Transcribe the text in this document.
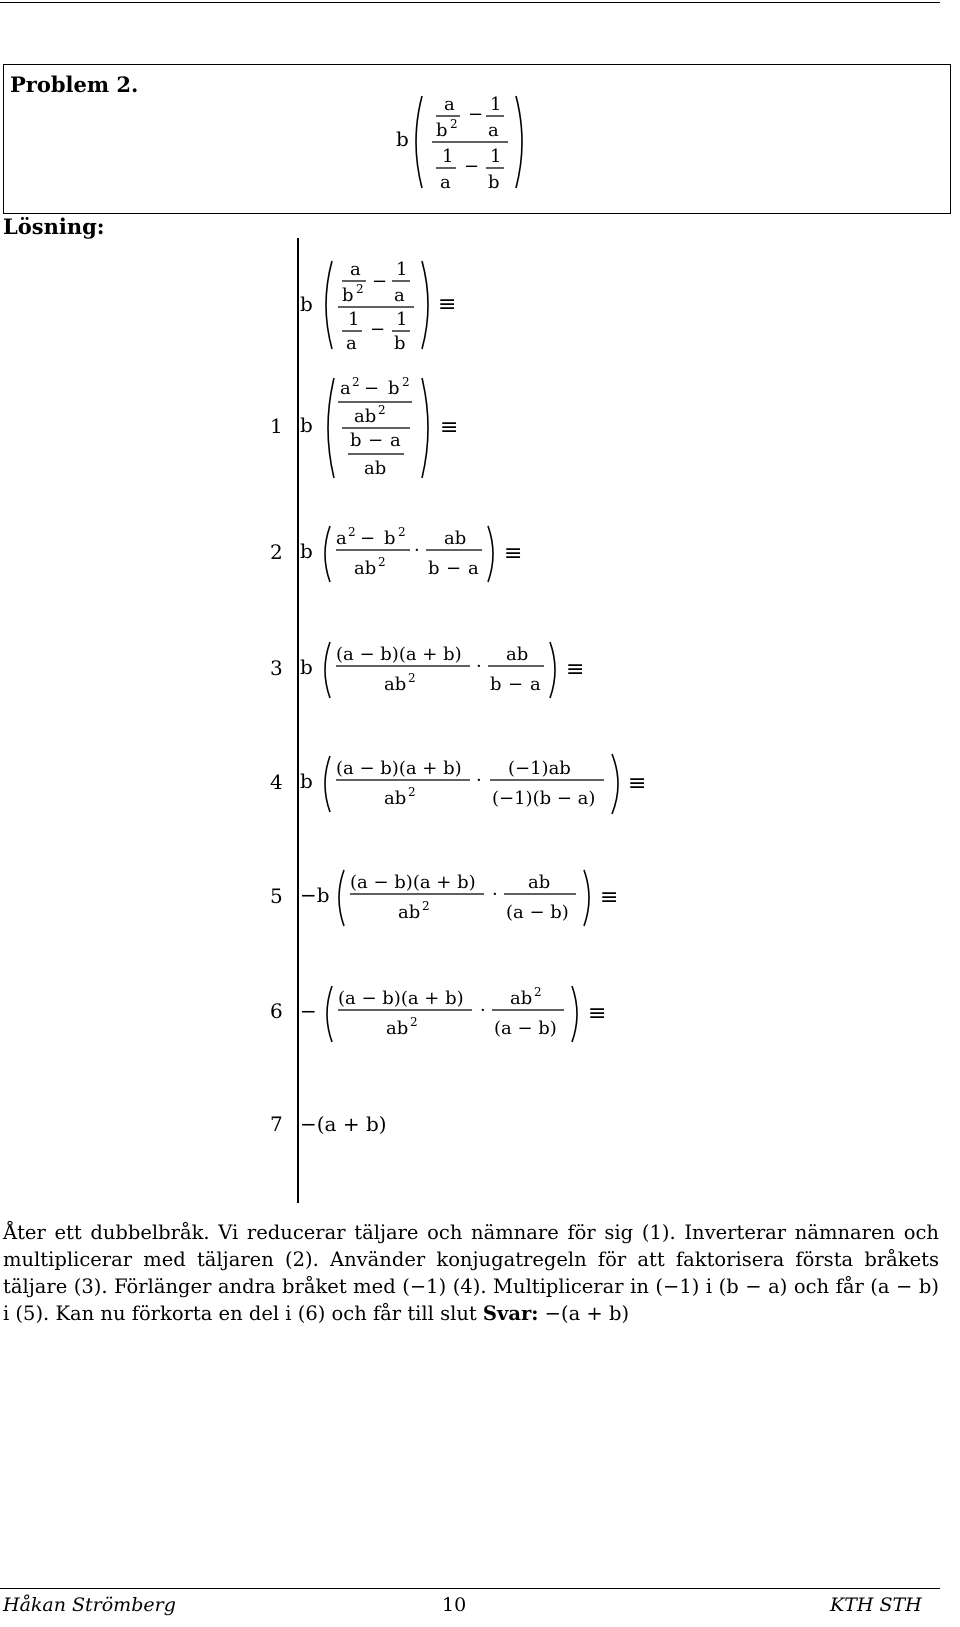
Problem 2.
b
a
b 2 − 1
a
1
a
− 1
b
Lösning:
b
a
b 2 −
1
a
1
a
− 1
b
≡
1 b
a 2 − b 2
ab 2
b − a
ab
≡
2 b
a 2 − b 2
ab 2
·
ab
b − a
≡
3 b
(a − b)(a + b)
ab 2
·
ab
b − a
≡
4 b
(a − b)(a + b)
ab 2
·
(−1)ab
(−1)(b − a)
≡
5 −b
(a − b)(a + b)
ab 2
·
ab
(a − b)
≡
6 −
(a − b)(a + b)
ab 2
·
ab 2
(a − b)
≡
7 −(a + b)
Åter ett dubbelbråk. Vi reducerar täljare och nämnare för sig (1). Inverterar nämnaren och multiplicerar med täljaren (2). Använder konjugatregeln för att faktorisera första bråkets täljare (3). Förlänger andra bråket med (−1) (4). Multiplicerar in (−1) i (b − a) och får (a − b) i (5). Kan nu förkorta en del i (6) och får till slut Svar: −(a + b)
Håkan Strömberg	10	KTH STH
